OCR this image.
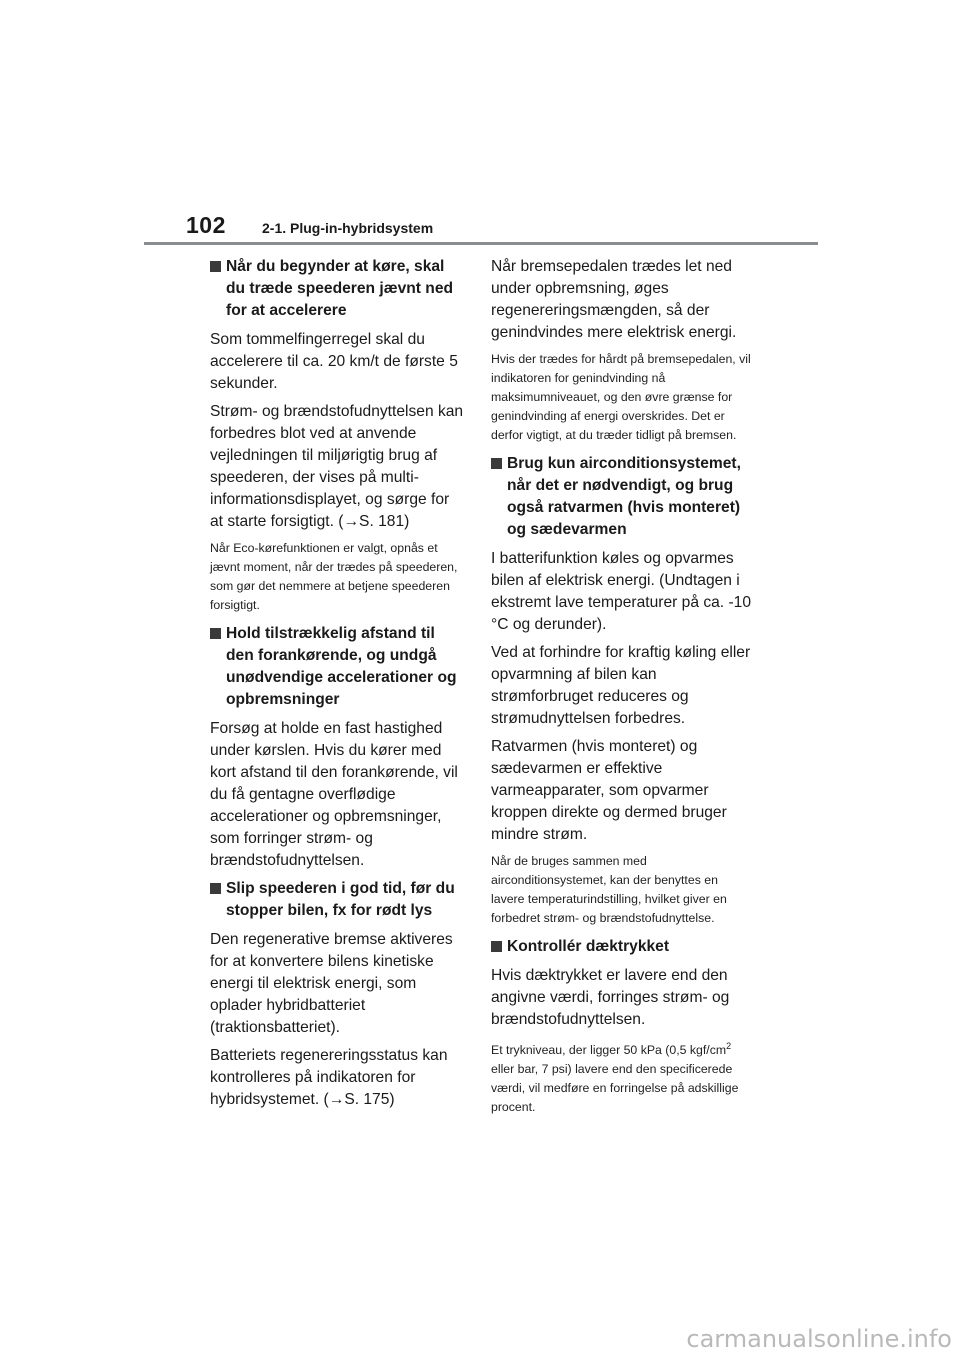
102	2-1. Plug-in-hybridsystem
Når du begynder at køre, skal du træde speederen jævnt ned for at accelerere

Som tommelfingerregel skal du accelerere til ca. 20 km/t de første 5 sekunder.

Strøm- og brændstofudnyttelsen kan forbedres blot ved at anvende vejledningen til miljørigtig brug af speederen, der vises på multi-informationsdisplayet, og sørge for at starte forsigtigt. (→S. 181)

Når Eco-kørefunktionen er valgt, opnås et jævnt moment, når der trædes på speederen, som gør det nemmere at betjene speederen forsigtigt.

Hold tilstrækkelig afstand til den forankørende, og undgå unødvendige accelerationer og opbremsninger

Forsøg at holde en fast hastighed under kørslen. Hvis du kører med kort afstand til den forankørende, vil du få gentagne overflødige accelerationer og opbremsninger, som forringer strøm- og brændstofudnyttelsen.

Slip speederen i god tid, før du stopper bilen, fx for rødt lys

Den regenerative bremse aktiveres for at konvertere bilens kinetiske energi til elektrisk energi, som oplader hybridbatteriet (traktionsbatteriet).

Batteriets regenereringsstatus kan kontrolleres på indikatoren for hybridsystemet. (→S. 175)

Når bremsepedalen trædes let ned under opbremsning, øges regenereringsmængden, så der genindvindes mere elektrisk energi.

Hvis der trædes for hårdt på bremsepedalen, vil indikatoren for genindvinding nå maksimumniveauet, og den øvre grænse for genindvinding af energi overskrides. Det er derfor vigtigt, at du træder tidligt på bremsen.

Brug kun airconditionsystemet, når det er nødvendigt, og brug også ratvarmen (hvis monteret) og sædevarmen

I batterifunktion køles og opvarmes bilen af elektrisk energi. (Undtagen i ekstremt lave temperaturer på ca. -10 °C og derunder).

Ved at forhindre for kraftig køling eller opvarmning af bilen kan strømforbruget reduceres og strømudnyttelsen forbedres.

Ratvarmen (hvis monteret) og sædevarmen er effektive varmeapparater, som opvarmer kroppen direkte og dermed bruger mindre strøm.

Når de bruges sammen med airconditionsystemet, kan der benyttes en lavere temperaturindstilling, hvilket giver en forbedret strøm- og brændstofudnyttelse.

Kontrollér dæktrykket

Hvis dæktrykket er lavere end den angivne værdi, forringes strøm- og brændstofudnyttelsen.

Et trykniveau, der ligger 50 kPa (0,5 kgf/$cm^2$ eller bar, 7 psi) lavere end den specificerede værdi, vil medføre en forringelse på adskillige procent.

carmanualsonline.info
